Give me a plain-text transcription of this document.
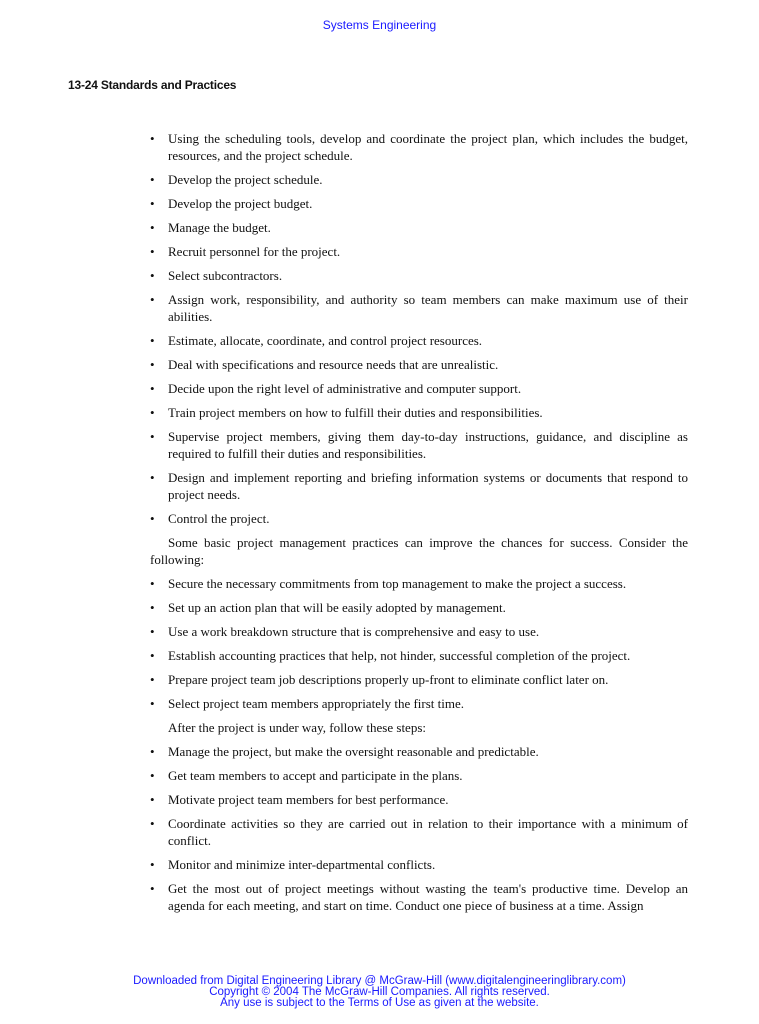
Systems Engineering
13-24 Standards and Practices
• Using the scheduling tools, develop and coordinate the project plan, which includes the budget, resources, and the project schedule.
• Develop the project schedule.
• Develop the project budget.
• Manage the budget.
• Recruit personnel for the project.
• Select subcontractors.
• Assign work, responsibility, and authority so team members can make maximum use of their abilities.
• Estimate, allocate, coordinate, and control project resources.
• Deal with specifications and resource needs that are unrealistic.
• Decide upon the right level of administrative and computer support.
• Train project members on how to fulfill their duties and responsibilities.
• Supervise project members, giving them day-to-day instructions, guidance, and discipline as required to fulfill their duties and responsibilities.
• Design and implement reporting and briefing information systems or documents that respond to project needs.
• Control the project.
Some basic project management practices can improve the chances for success. Consider the following:
• Secure the necessary commitments from top management to make the project a success.
• Set up an action plan that will be easily adopted by management.
• Use a work breakdown structure that is comprehensive and easy to use.
• Establish accounting practices that help, not hinder, successful completion of the project.
• Prepare project team job descriptions properly up-front to eliminate conflict later on.
• Select project team members appropriately the first time.
After the project is under way, follow these steps:
• Manage the project, but make the oversight reasonable and predictable.
• Get team members to accept and participate in the plans.
• Motivate project team members for best performance.
• Coordinate activities so they are carried out in relation to their importance with a minimum of conflict.
• Monitor and minimize inter-departmental conflicts.
• Get the most out of project meetings without wasting the team's productive time. Develop an agenda for each meeting, and start on time. Conduct one piece of business at a time. Assign
Downloaded from Digital Engineering Library @ McGraw-Hill (www.digitalengineeringlibrary.com)
Copyright © 2004 The McGraw-Hill Companies. All rights reserved.
Any use is subject to the Terms of Use as given at the website.
